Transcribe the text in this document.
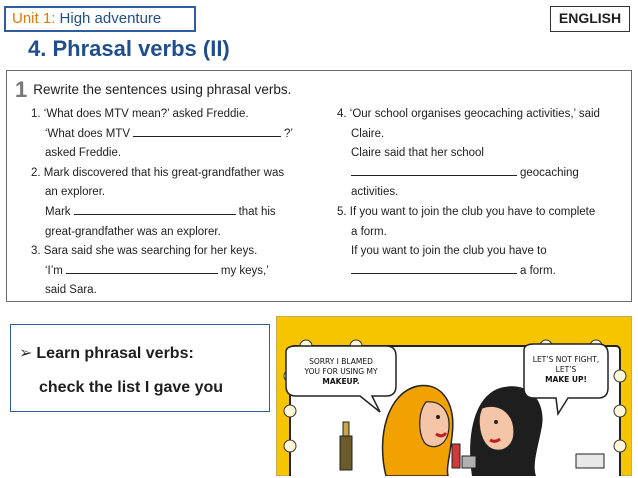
Unit 1: High adventure	ENGLISH
4. Phrasal verbs (II)
1 Rewrite the sentences using phrasal verbs.
1. ‘What does MTV mean?’ asked Freddie.
‘What does MTV	?’
asked Freddie.
2. Mark discovered that his great-grandfather was
an explorer.
Mark	that his
great-grandfather was an explorer.
3. Sara said she was searching for her keys.
‘I’m	my keys,’
said Sara.
4. ‘Our school organises geocaching activities,’ said
Claire.
Claire said that her school
geocaching
activities.
5. If you want to join the club you have to complete
a form.
If you want to join the club you have to
a form.
➢ Learn phrasal verbs:
check the list I gave you
SORRY I BLAMED
YOU FOR USING MY
MAKEUP.
LET’S NOT FIGHT,
LET’S
MAKE UP!
